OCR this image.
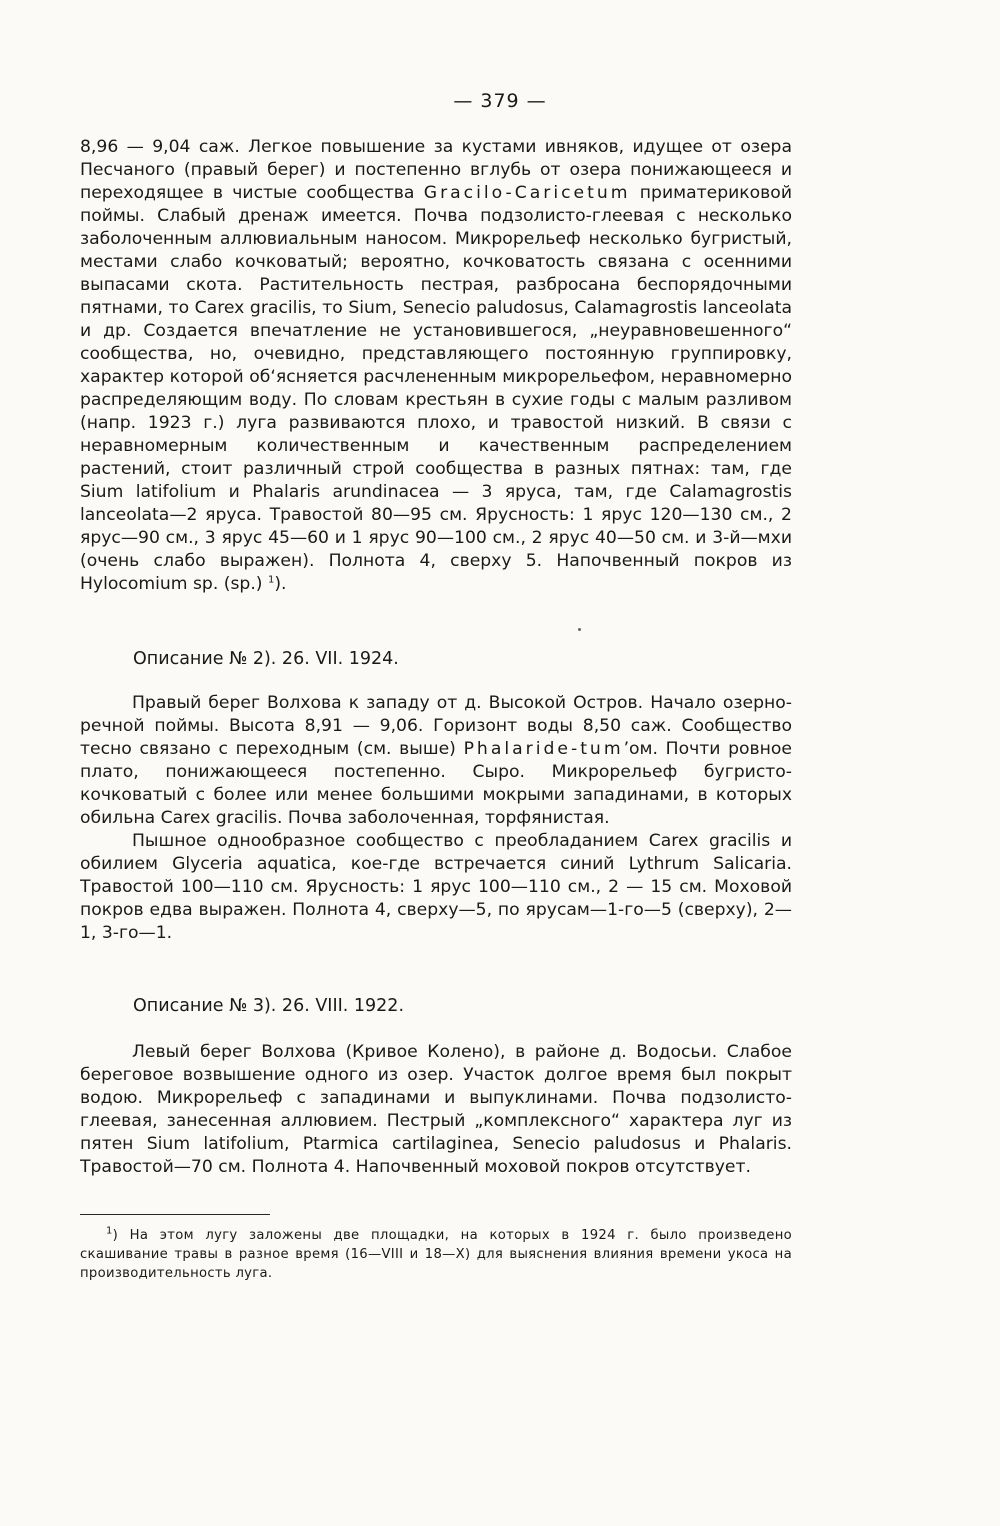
— 379 —

8,96 — 9,04 саж. Легкое повышение за кустами ивняков, идущее от озера Песчаного (правый берег) и постепенно вглубь от озера понижающееся и переходящее в чистые сообщества Gracilo-Caricetum приматериковой поймы. Слабый дренаж имеется. Почва подзолисто-глеевая с несколько заболоченным аллювиальным наносом. Микрорельеф несколько бугристый, местами слабо кочковатый; вероятно, кочковатость связана с осенними выпасами скота. Растительность пестрая, разбросана беспорядочными пятнами, то Carex gracilis, то Sium, Senecio paludosus, Calamagrostis lanceolata и др. Создается впечатление не установившегося, „неуравновешенного“ сообщества, но, очевидно, представляющего постоянную группировку, характер которой об‘ясняется расчлененным микрорельефом, неравномерно распределяющим воду. По словам крестьян в сухие годы с малым разливом (напр. 1923 г.) луга развиваются плохо, и травостой низкий. В связи с неравномерным количественным и качественным распределением растений, стоит различный строй сообщества в разных пятнах: там, где Sium latifolium и Phalaris arundinacea — 3 яруса, там, где Calamagrostis lanceolata—2 яруса. Травостой 80—95 см. Ярусность: 1 ярус 120—130 см., 2 ярус—90 см., 3 ярус 45—60 и 1 ярус 90—100 см., 2 ярус 40—50 см. и 3-й—мхи (очень слабо выражен). Полнота 4, сверху 5. Напочвенный покров из Hylocomium sp. (sp.) $^1$).

Описание № 2). 26. VII. 1924.

Правый берег Волхова к западу от д. Высокой Остров. Начало озерно-речной поймы. Высота 8,91 — 9,06. Горизонт воды 8,50 саж. Сообщество тесно связано с переходным (см. выше) Phalaride-tum’ом. Почти ровное плато, понижающееся постепенно. Сыро. Микрорельеф бугристо-кочковатый с более или менее большими мокрыми западинами, в которых обильна Carex gracilis. Почва заболоченная, торфянистая.

Пышное однообразное сообщество с преобладанием Carex gracilis и обилием Glyceria aquatica, кое-где встречается синий Lythrum Salicaria. Травостой 100—110 см. Ярусность: 1 ярус 100—110 см., 2 — 15 см. Моховой покров едва выражен. Полнота 4, сверху—5, по ярусам—1-го—5 (сверху), 2—1, 3-го—1.

Описание № 3). 26. VIII. 1922.

Левый берег Волхова (Кривое Колено), в районе д. Водосьи. Слабое береговое возвышение одного из озер. Участок долгое время был покрыт водою. Микрорельеф с западинами и выпуклинами. Почва подзолисто-глеевая, занесенная аллювием. Пестрый „комплексного“ характера луг из пятен Sium latifolium, Ptarmica cartilaginea, Senecio paludosus и Phalaris. Травостой—70 см. Полнота 4. Напочвенный моховой покров отсутствует.

$^1$) На этом лугу заложены две площадки, на которых в 1924 г. было произведено скашивание травы в разное время (16—VIII и 18—X) для выяснения влияния времени укоса на производительность луга.
